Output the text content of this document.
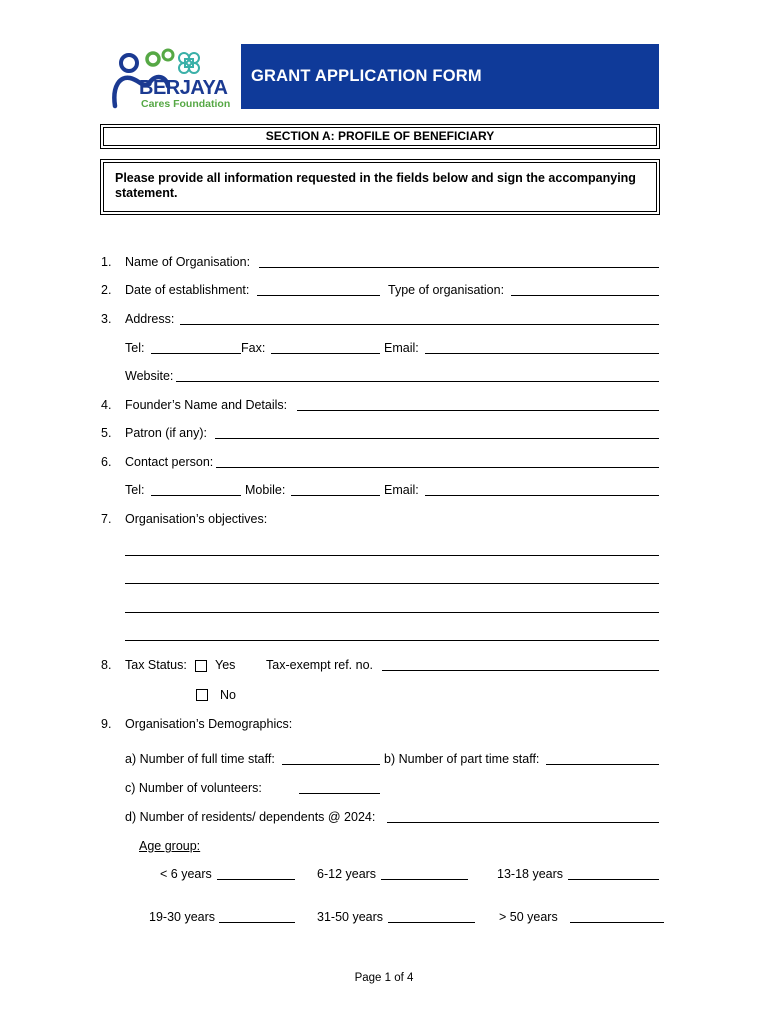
BERJAYA
Cares Foundation
GRANT APPLICATION FORM
SECTION A: PROFILE OF BENEFICIARY
Please provide all information requested in the fields below and sign the accompanying statement.
1. Name of Organisation:
2. Date of establishment:	Type of organisation:
3. Address:
Tel:	Fax:	Email:
Website:
4. Founder’s Name and Details:
5. Patron (if any):
6. Contact person:
Tel:	Mobile:	Email:
7. Organisation’s objectives:
8. Tax Status: Yes Tax-exempt ref. no.
No
9. Organisation’s Demographics:
a) Number of full time staff:	b) Number of part time staff:
c) Number of volunteers:
d) Number of residents/ dependents @ 2024:
Age group:
< 6 years	6-12 years	13-18 years
19-30 years	31-50 years	> 50 years
Page 1 of 4
